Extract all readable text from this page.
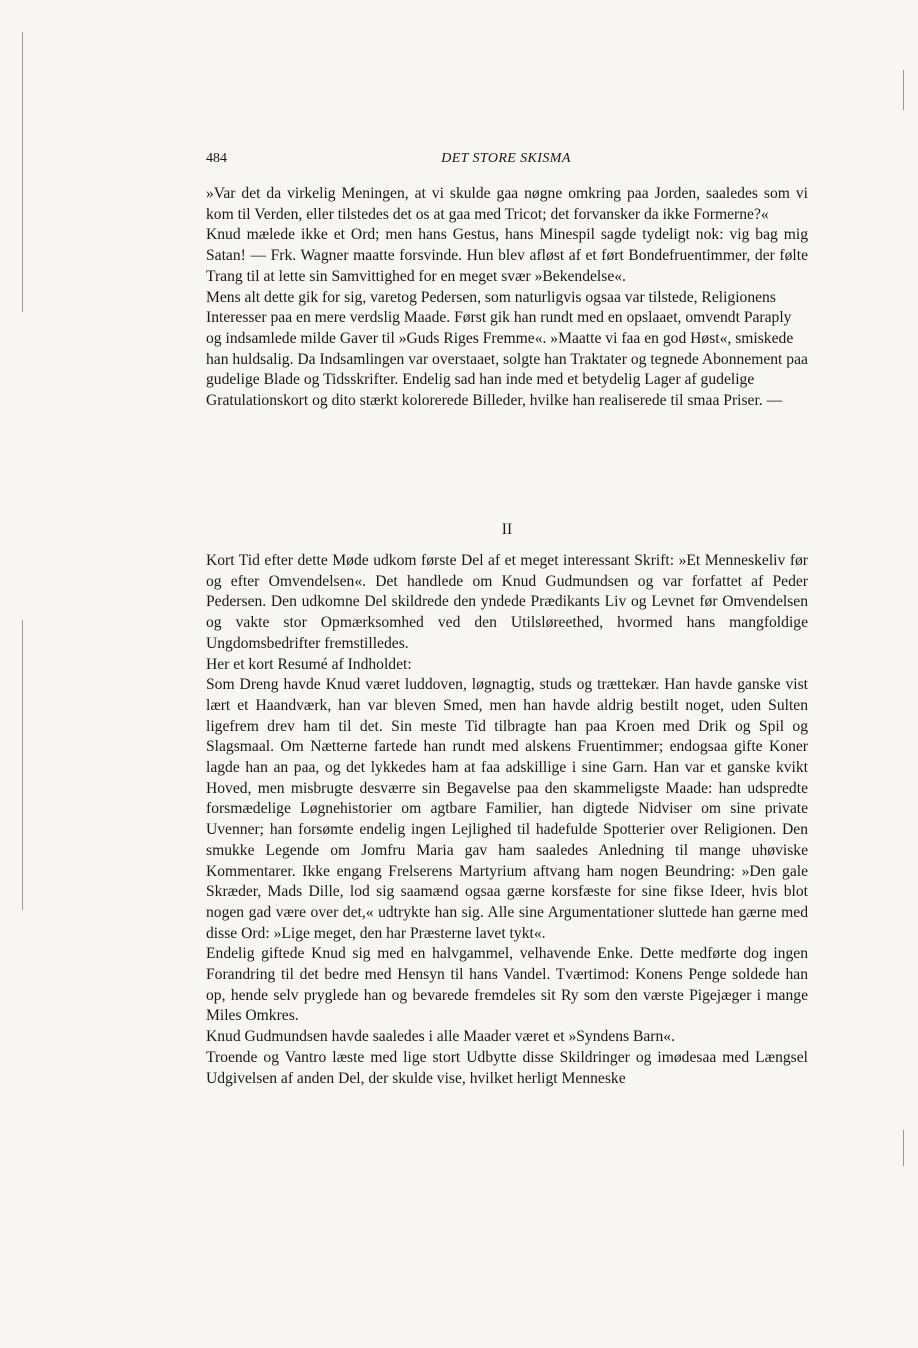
484	DET STORE SKISMA

»Var det da virkelig Meningen, at vi skulde gaa nøgne omkring paa Jorden, saaledes som vi kom til Verden, eller tilstedes det os at gaa med Tricot; det forvansker da ikke Formerne?«

Knud mælede ikke et Ord; men hans Gestus, hans Minespil sagde tydeligt nok: vig bag mig Satan! — Frk. Wagner maatte forsvinde. Hun blev afløst af et ført Bondefruentimmer, der følte Trang til at lette sin Samvittighed for en meget svær »Bekendelse«.

Mens alt dette gik for sig, varetog Pedersen, som naturligvis ogsaa var tilstede, Religionens Interesser paa en mere verdslig Maade. Først gik han rundt med en opslaaet, omvendt Paraply og indsamlede milde Gaver til »Guds Riges Fremme«. »Maatte vi faa en god Høst«, smiskede han huldsalig. Da Indsamlingen var overstaaet, solgte han Traktater og tegnede Abonnement paa gudelige Blade og Tidsskrifter. Endelig sad han inde med et betydelig Lager af gudelige Gratulationskort og dito stærkt kolorerede Billeder, hvilke han realiserede til smaa Priser. —

II

Kort Tid efter dette Møde udkom første Del af et meget interessant Skrift: »Et Menneskeliv før og efter Omvendelsen«. Det handlede om Knud Gudmundsen og var forfattet af Peder Pedersen. Den udkomne Del skildrede den yndede Prædikants Liv og Levnet før Omvendelsen og vakte stor Opmærksomhed ved den Utilsløreethed, hvormed hans mangfoldige Ungdomsbedrifter fremstilledes.

Her et kort Resumé af Indholdet:

Som Dreng havde Knud været luddoven, løgnagtig, studs og trættekær. Han havde ganske vist lært et Haandværk, han var bleven Smed, men han havde aldrig bestilt noget, uden Sulten ligefrem drev ham til det. Sin meste Tid tilbragte han paa Kroen med Drik og Spil og Slagsmaal. Om Nætterne fartede han rundt med alskens Fruentimmer; endogsaa gifte Koner lagde han an paa, og det lykkedes ham at faa adskillige i sine Garn. Han var et ganske kvikt Hoved, men misbrugte desværre sin Begavelse paa den skammeligste Maade: han udspredte forsmædelige Løgnehistorier om agtbare Familier, han digtede Nidviser om sine private Uvenner; han forsømte endelig ingen Lejlighed til hadefulde Spotterier over Religionen. Den smukke Legende om Jomfru Maria gav ham saaledes Anledning til mange uhøviske Kommentarer. Ikke engang Frelserens Martyrium aftvang ham nogen Beundring: »Den gale Skræder, Mads Dille, lod sig saamænd ogsaa gærne korsfæste for sine fikse Ideer, hvis blot nogen gad være over det,« udtrykte han sig. Alle sine Argumentationer sluttede han gærne med disse Ord: »Lige meget, den har Præsterne lavet tykt«.

Endelig giftede Knud sig med en halvgammel, velhavende Enke. Dette medførte dog ingen Forandring til det bedre med Hensyn til hans Vandel. Tværtimod: Konens Penge soldede han op, hende selv pryglede han og bevarede fremdeles sit Ry som den værste Pigejæger i mange Miles Omkres.

Knud Gudmundsen havde saaledes i alle Maader været et »Syndens Barn«.

Troende og Vantro læste med lige stort Udbytte disse Skildringer og imødesaa med Længsel Udgivelsen af anden Del, der skulde vise, hvilket herligt Menneske
